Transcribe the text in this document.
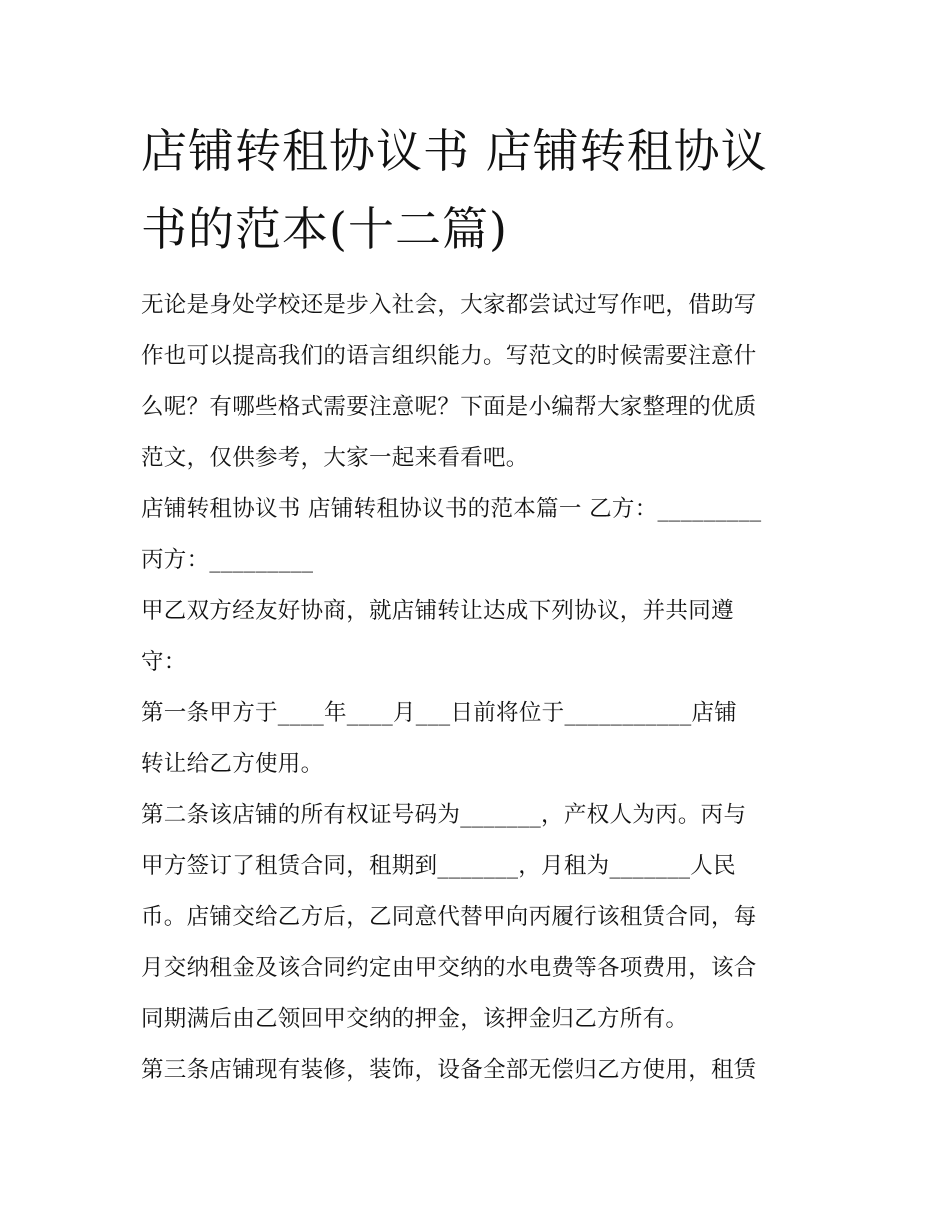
店铺转租协议书 店铺转租协议
书的范本(十二篇)

无论是身处学校还是步入社会，大家都尝试过写作吧，借助写
作也可以提高我们的语言组织能力。写范文的时候需要注意什
么呢？有哪些格式需要注意呢？下面是小编帮大家整理的优质
范文，仅供参考，大家一起来看看吧。

店铺转租协议书 店铺转租协议书的范本篇一 乙方：_________
丙方：_________

甲乙双方经友好协商，就店铺转让达成下列协议，并共同遵
守：

第一条甲方于____年____月___日前将位于___________店铺
转让给乙方使用。

第二条该店铺的所有权证号码为_______，产权人为丙。丙与
甲方签订了租赁合同，租期到_______，月租为_______人民
币。店铺交给乙方后，乙同意代替甲向丙履行该租赁合同，每
月交纳租金及该合同约定由甲交纳的水电费等各项费用，该合
同期满后由乙领回甲交纳的押金，该押金归乙方所有。

第三条店铺现有装修，装饰，设备全部无偿归乙方使用，租赁
